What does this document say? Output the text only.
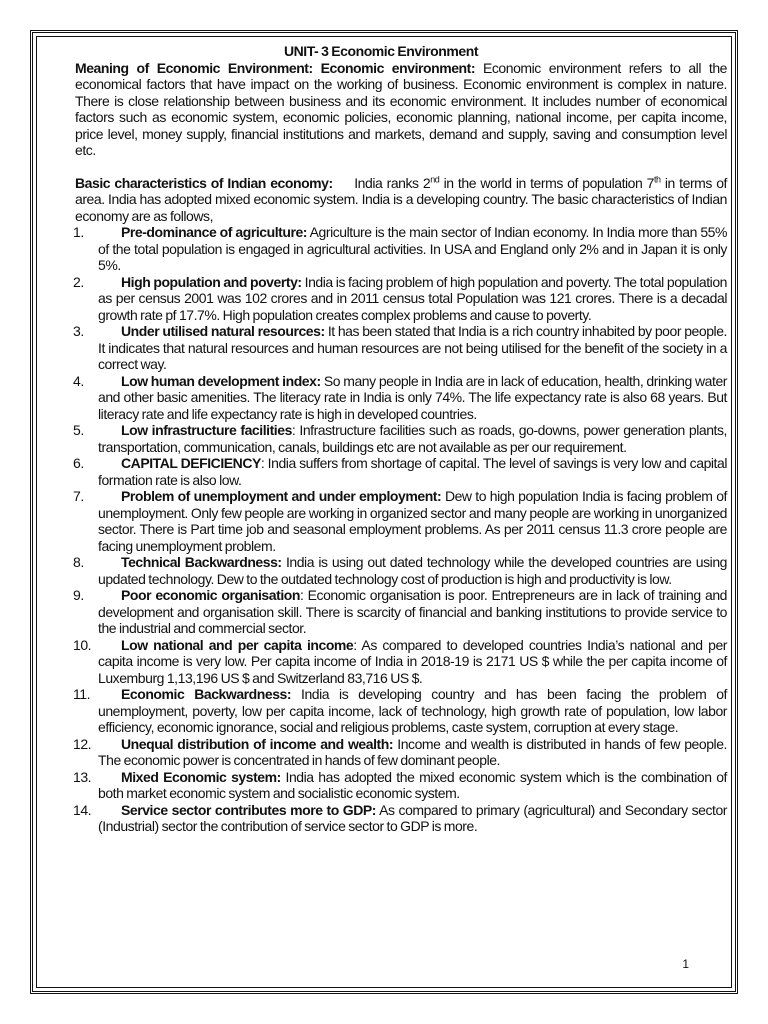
UNIT- 3 Economic Environment

Meaning of Economic Environment: Economic environment: Economic environment refers to all the economical factors that have impact on the working of business. Economic environment is complex in nature. There is close relationship between business and its economic environment. It includes number of economical factors such as economic system, economic policies, economic planning, national income, per capita income, price level, money supply, financial institutions and markets, demand and supply, saving and consumption level etc.

Basic characteristics of Indian economy: India ranks 2nd in the world in terms of population 7th in terms of area. India has adopted mixed economic system. India is a developing country. The basic characteristics of Indian economy are as follows,

1.	Pre-dominance of agriculture: Agriculture is the main sector of Indian economy. In India more than 55% of the total population is engaged in agricultural activities. In USA and England only 2% and in Japan it is only 5%.
2.	High population and poverty: India is facing problem of high population and poverty. The total population as per census 2001 was 102 crores and in 2011 census total Population was 121 crores. There is a decadal growth rate pf 17.7%. High population creates complex problems and cause to poverty.
3.	Under utilised natural resources: It has been stated that India is a rich country inhabited by poor people. It indicates that natural resources and human resources are not being utilised for the benefit of the society in a correct way.
4.	Low human development index: So many people in India are in lack of education, health, drinking water and other basic amenities. The literacy rate in India is only 74%. The life expectancy rate is also 68 years. But literacy rate and life expectancy rate is high in developed countries.
5.	Low infrastructure facilities: Infrastructure facilities such as roads, go-downs, power generation plants, transportation, communication, canals, buildings etc are not available as per our requirement.
6.	CAPITAL DEFICIENCY: India suffers from shortage of capital. The level of savings is very low and capital formation rate is also low.
7.	Problem of unemployment and under employment: Dew to high population India is facing problem of unemployment. Only few people are working in organized sector and many people are working in unorganized sector. There is Part time job and seasonal employment problems. As per 2011 census 11.3 crore people are facing unemployment problem.
8.	Technical Backwardness: India is using out dated technology while the developed countries are using updated technology. Dew to the outdated technology cost of production is high and productivity is low.
9.	Poor economic organisation: Economic organisation is poor. Entrepreneurs are in lack of training and development and organisation skill. There is scarcity of financial and banking institutions to provide service to the industrial and commercial sector.
10.	Low national and per capita income: As compared to developed countries India’s national and per capita income is very low. Per capita income of India in 2018-19 is 2171 US $ while the per capita income of Luxemburg 1,13,196 US $ and Switzerland 83,716 US $.
11.	Economic Backwardness: India is developing country and has been facing the problem of unemployment, poverty, low per capita income, lack of technology, high growth rate of population, low labor efficiency, economic ignorance, social and religious problems, caste system, corruption at every stage.
12.	Unequal distribution of income and wealth: Income and wealth is distributed in hands of few people. The economic power is concentrated in hands of few dominant people.
13.	Mixed Economic system: India has adopted the mixed economic system which is the combination of both market economic system and socialistic economic system.
14.	Service sector contributes more to GDP: As compared to primary (agricultural) and Secondary sector (Industrial) sector the contribution of service sector to GDP is more.
1
